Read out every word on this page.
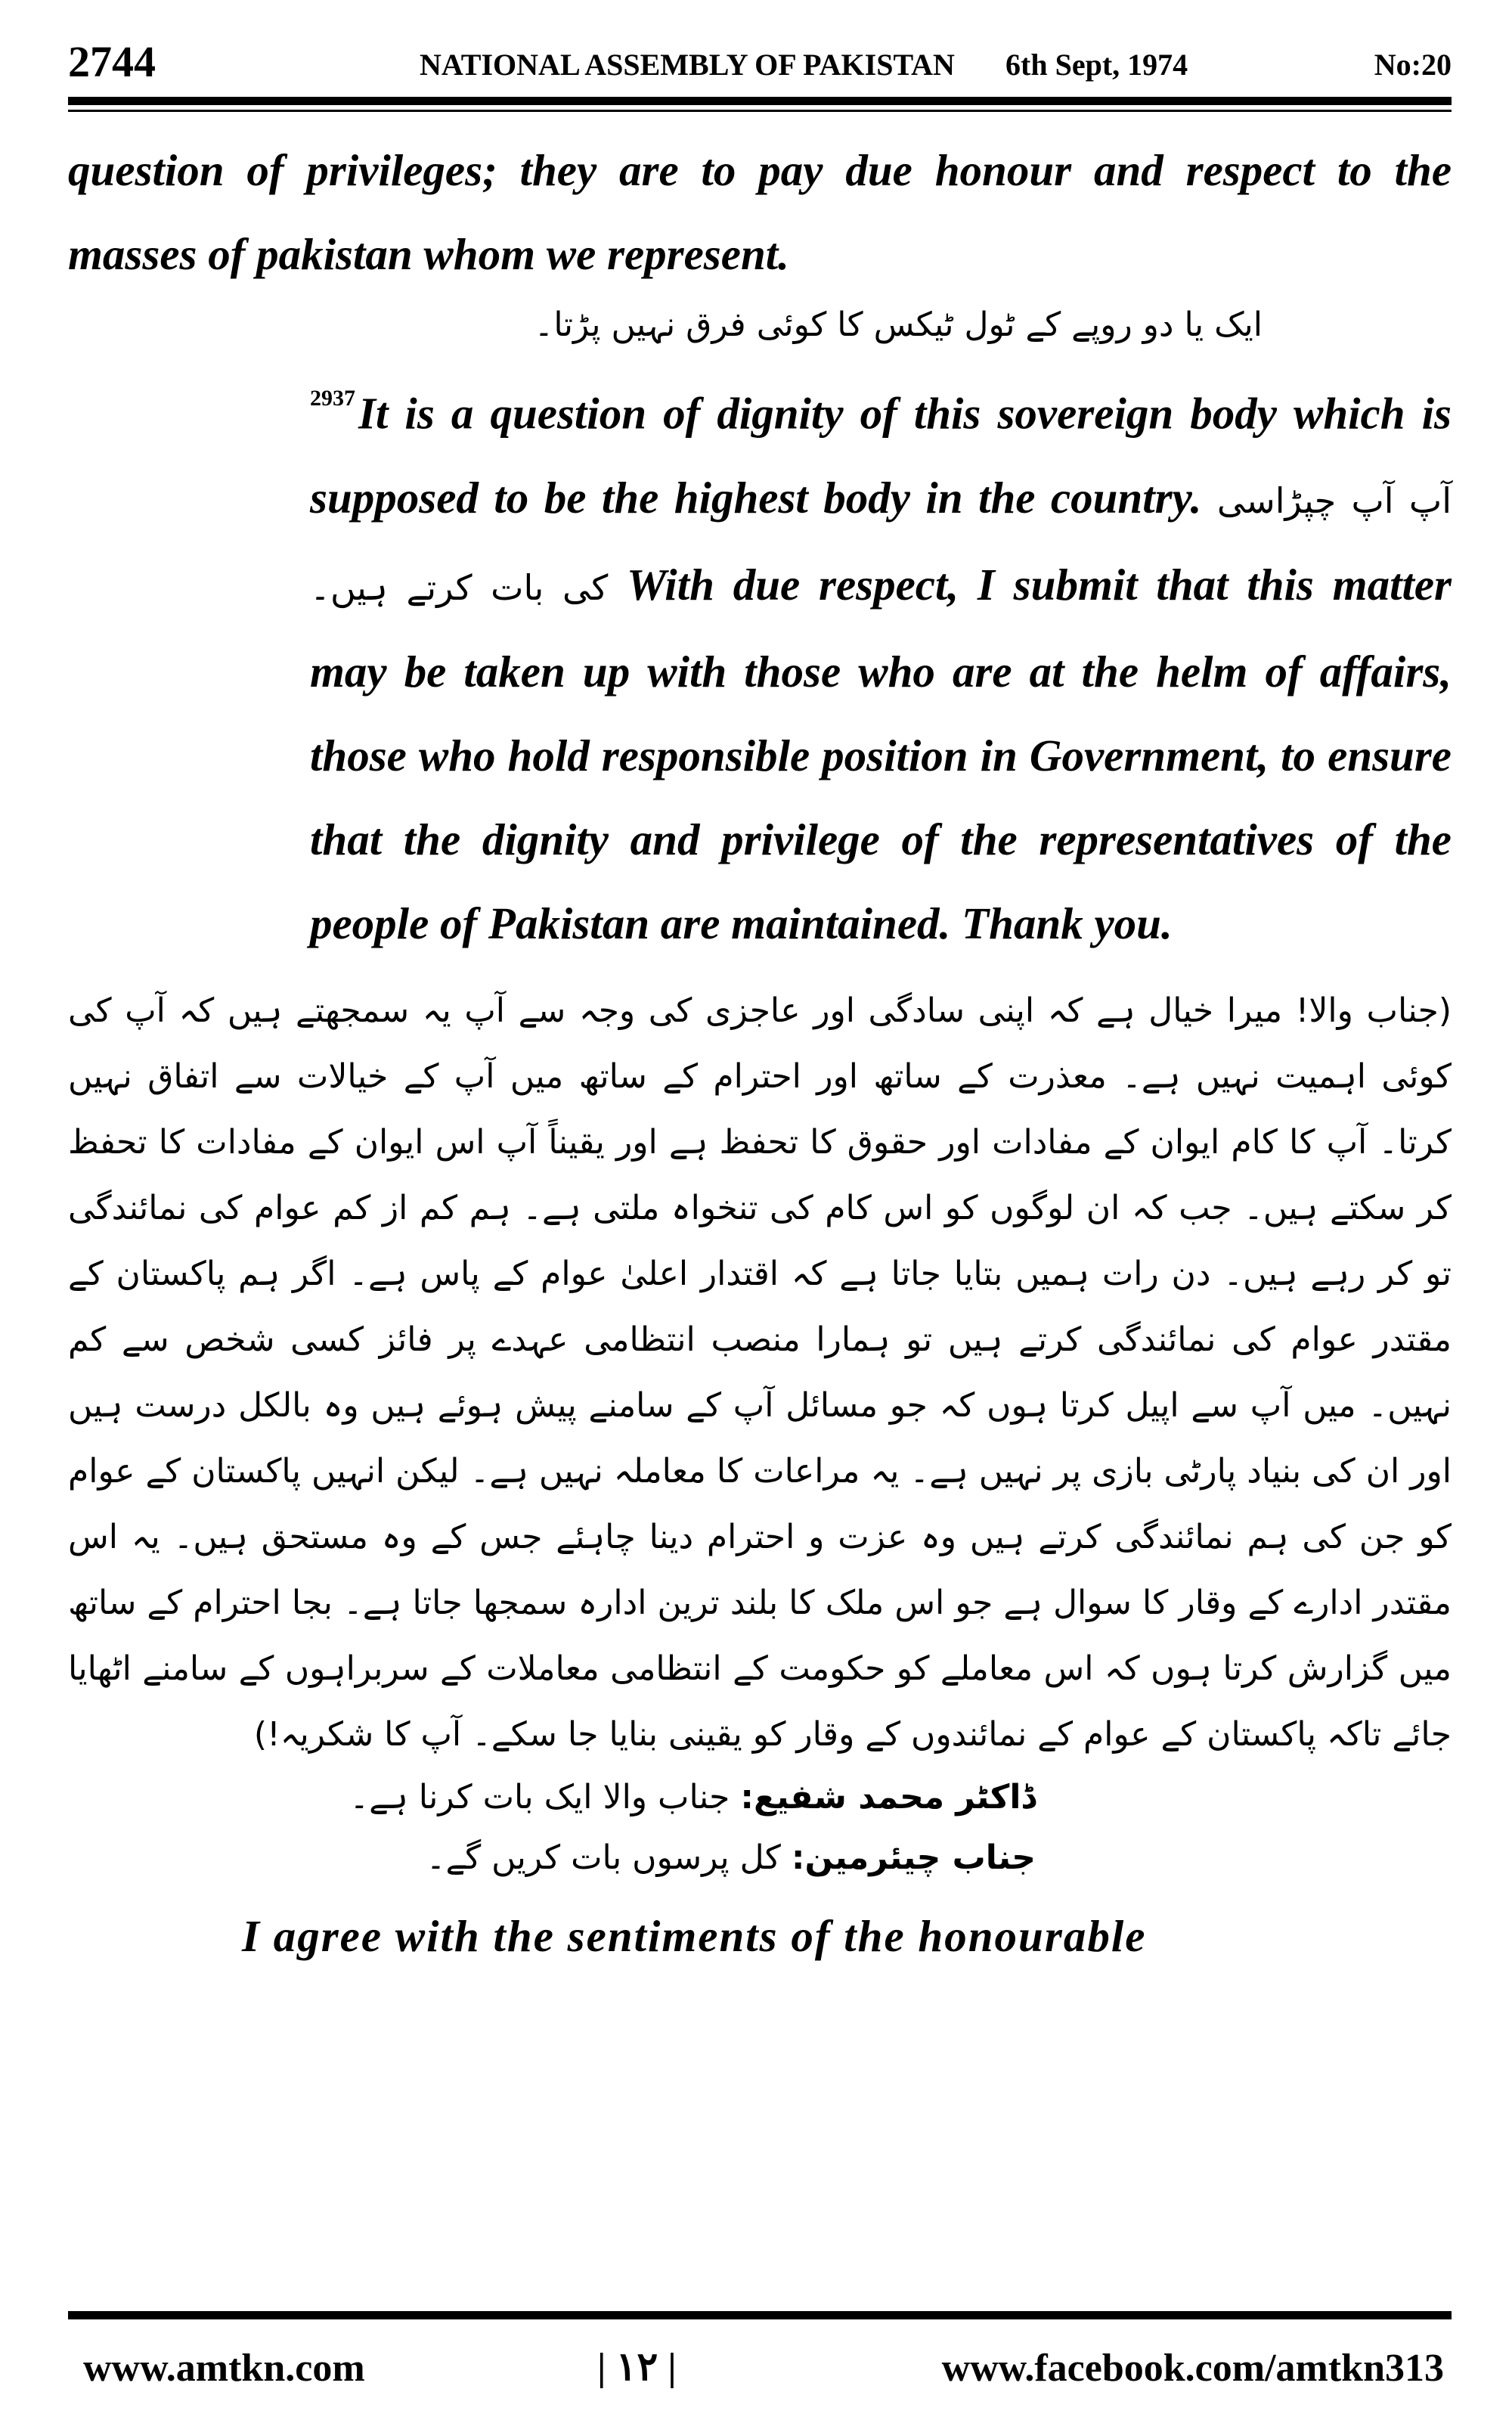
2744	NATIONAL ASSEMBLY OF PAKISTAN 6th Sept, 1974	No:20

question of privileges; they are to pay due honour and respect to the masses of pakistan whom we represent.

ایک یا دو روپے کے ٹول ٹیکس کا کوئی فرق نہیں پڑتا۔

$^{2937}$It is a question of dignity of this sovereign body which is supposed to be the highest body in the country. آپ آپ چپڑاسی کی بات کرتے ہیں۔ With due respect, I submit that this matter may be taken up with those who are at the helm of affairs, those who hold responsible position in Government, to ensure that the dignity and privilege of the representatives of the people of Pakistan are maintained. Thank you.

(جناب والا! میرا خیال ہے کہ اپنی سادگی اور عاجزی کی وجہ سے آپ یہ سمجھتے ہیں کہ آپ کی کوئی اہمیت نہیں ہے۔ معذرت کے ساتھ اور احترام کے ساتھ میں آپ کے خیالات سے اتفاق نہیں کرتا۔ آپ کا کام ایوان کے مفادات اور حقوق کا تحفظ ہے اور یقیناً آپ اس ایوان کے مفادات کا تحفظ کر سکتے ہیں۔ جب کہ ان لوگوں کو اس کام کی تنخواہ ملتی ہے۔ ہم کم از کم عوام کی نمائندگی تو کر رہے ہیں۔ دن رات ہمیں بتایا جاتا ہے کہ اقتدار اعلیٰ عوام کے پاس ہے۔ اگر ہم پاکستان کے مقتدر عوام کی نمائندگی کرتے ہیں تو ہمارا منصب انتظامی عہدے پر فائز کسی شخص سے کم نہیں۔ میں آپ سے اپیل کرتا ہوں کہ جو مسائل آپ کے سامنے پیش ہوئے ہیں وہ بالکل درست ہیں اور ان کی بنیاد پارٹی بازی پر نہیں ہے۔ یہ مراعات کا معاملہ نہیں ہے۔ لیکن انہیں پاکستان کے عوام کو جن کی ہم نمائندگی کرتے ہیں وہ عزت و احترام دینا چاہئے جس کے وہ مستحق ہیں۔ یہ اس مقتدر ادارے کے وقار کا سوال ہے جو اس ملک کا بلند ترین ادارہ سمجھا جاتا ہے۔ بجا احترام کے ساتھ میں گزارش کرتا ہوں کہ اس معاملے کو حکومت کے انتظامی معاملات کے سربراہوں کے سامنے اٹھایا جائے تاکہ پاکستان کے عوام کے نمائندوں کے وقار کو یقینی بنایا جا سکے۔ آپ کا شکریہ!)

ڈاکٹر محمد شفیع: جناب والا ایک بات کرنا ہے۔

جناب چیئرمین: کل پرسوں بات کریں گے۔

I agree with the sentiments of the honourable

www.amtkn.com	| ۱۲ |	www.facebook.com/amtkn313
